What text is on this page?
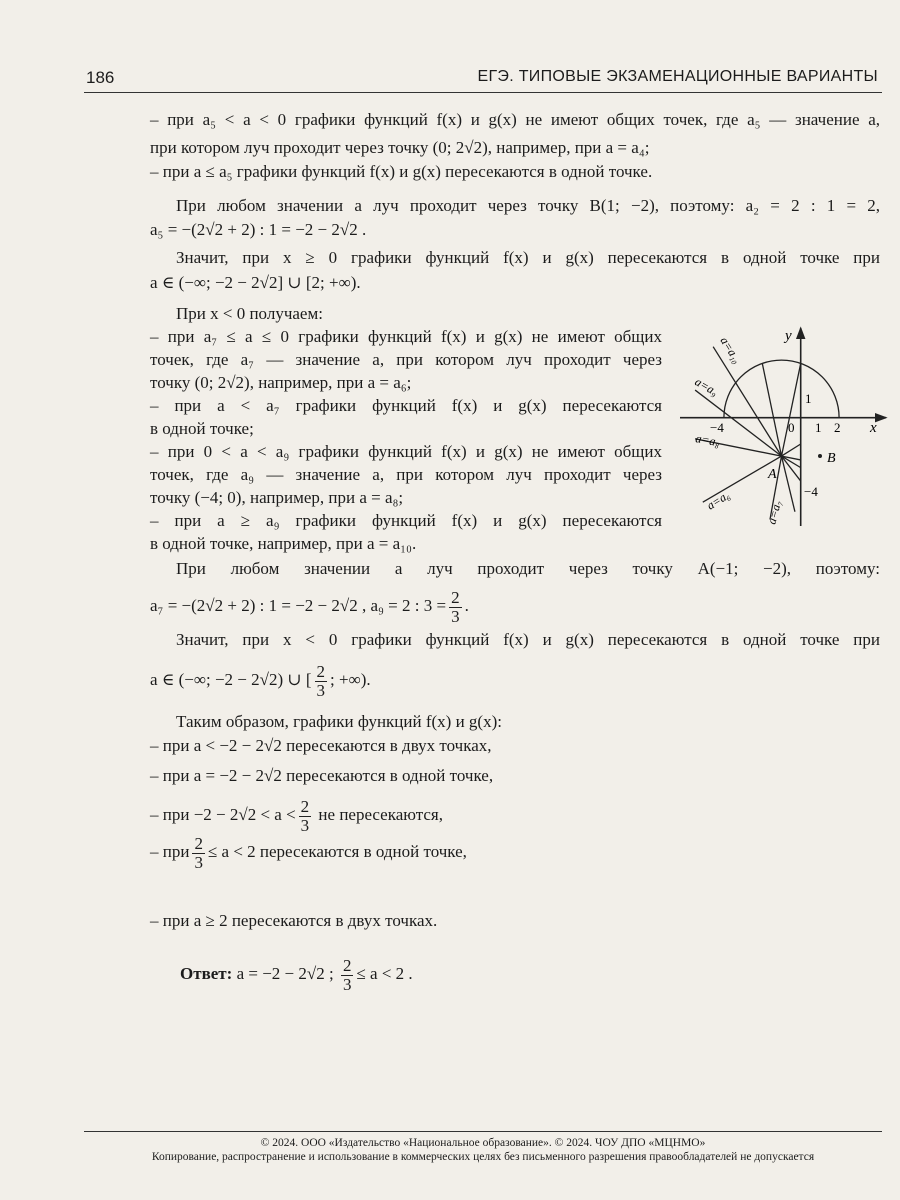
186	ЕГЭ. ТИПОВЫЕ ЭКЗАМЕНАЦИОННЫЕ ВАРИАНТЫ
– при a₅ < a < 0 графики функций f(x) и g(x) не имеют общих точек, где a₅ — значение a,
при котором луч проходит через точку (0; 2√2), например, при a = a₄;
– при a ≤ a₅ графики функций f(x) и g(x) пересекаются в одной точке.
При любом значении a луч проходит через точку B(1; −2), поэтому: a₂ = 2 : 1 = 2,
a₅ = −(2√2 + 2) : 1 = −2 − 2√2 .
Значит, при x ≥ 0 графики функций f(x) и g(x) пересекаются в одной точке при
a ∈ (−∞; −2 − 2√2] ∪ [2; +∞).
При x < 0 получаем:
– при a₇ ≤ a ≤ 0 графики функций f(x) и g(x) не имеют общих
точек, где a₇ — значение a, при котором луч проходит через
точку (0; 2√2), например, при a = a₆;
– при a < a₇ графики функций f(x) и g(x) пересекаются
в одной точке;
– при 0 < a < a₉ графики функций f(x) и g(x) не имеют общих
точек, где a₉ — значение a, при котором луч проходит через
точку (−4; 0), например, при a = a₈;
– при a ≥ a₉ графики функций f(x) и g(x) пересекаются
в одной точке, например, при a = a₁₀.
При любом значении a луч проходит через точку A(−1; −2), поэтому:
a₇ = −(2√2 + 2) : 1 = −2 − 2√2 , a₉ = 2 : $3 = \frac{2}{3}$ .
Значит, при x < 0 графики функций f(x) и g(x) пересекаются в одной точке при
a ∈ (−∞; −2 − 2√2) ∪ [ $\frac{2}{3}$ ; +∞).
Таким образом, графики функций f(x) и g(x):
– при a < −2 − 2√2 пересекаются в двух точках,
– при a = −2 − 2√2 пересекаются в одной точке,
– при $-2 - 2√2 < a < \frac{2}{3}$ не пересекаются,
– при $\frac{2}{3} \le a < 2$ пересекаются в одной точке,
– при a ≥ 2 пересекаются в двух точках.
Ответ: a = −2 − 2√2 ; $\frac{2}{3} \le a < 2$ .
x
y
−4	0 1 2
1
−4
A
B
a=a₁₀
a=a₉
a=a₈
a=a₆	a=a₇
© 2024. ООО «Издательство «Национальное образование». © 2024. ЧОУ ДПО «МЦНМО»
Копирование, распространение и использование в коммерческих целях без письменного разрешения правообладателей не допускается
